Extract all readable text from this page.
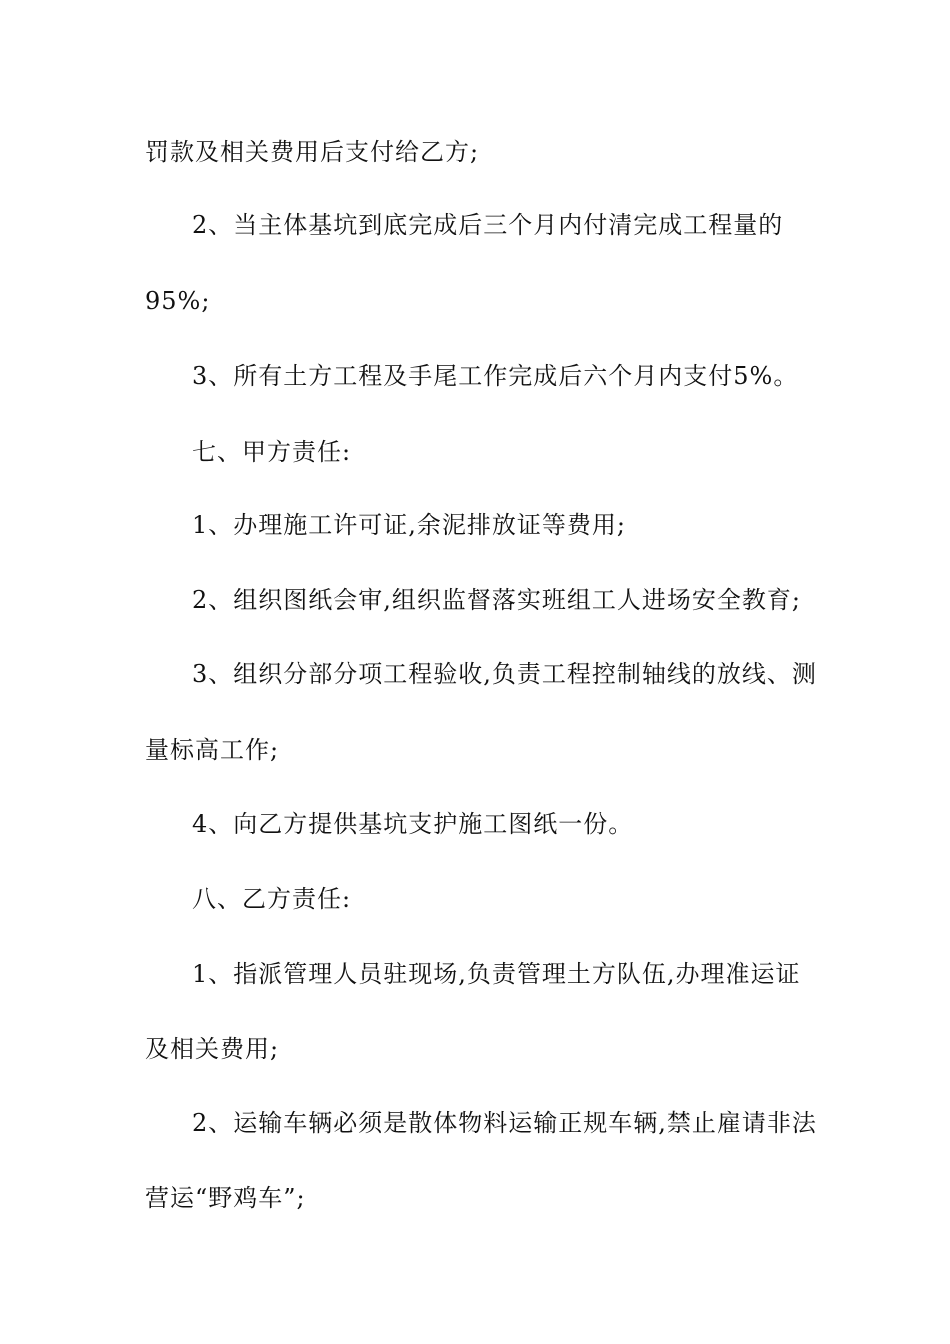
罚款及相关费用后支付给乙方;
2、当主体基坑到底完成后三个月内付清完成工程量的
95%;
3、所有土方工程及手尾工作完成后六个月内支付5%。
七、甲方责任:
1、办理施工许可证,余泥排放证等费用;
2、组织图纸会审,组织监督落实班组工人进场安全教育;
3、组织分部分项工程验收,负责工程控制轴线的放线、测
量标高工作;
4、向乙方提供基坑支护施工图纸一份。
八、乙方责任:
1、指派管理人员驻现场,负责管理土方队伍,办理准运证
及相关费用;
2、运输车辆必须是散体物料运输正规车辆,禁止雇请非法
营运“野鸡车”;
